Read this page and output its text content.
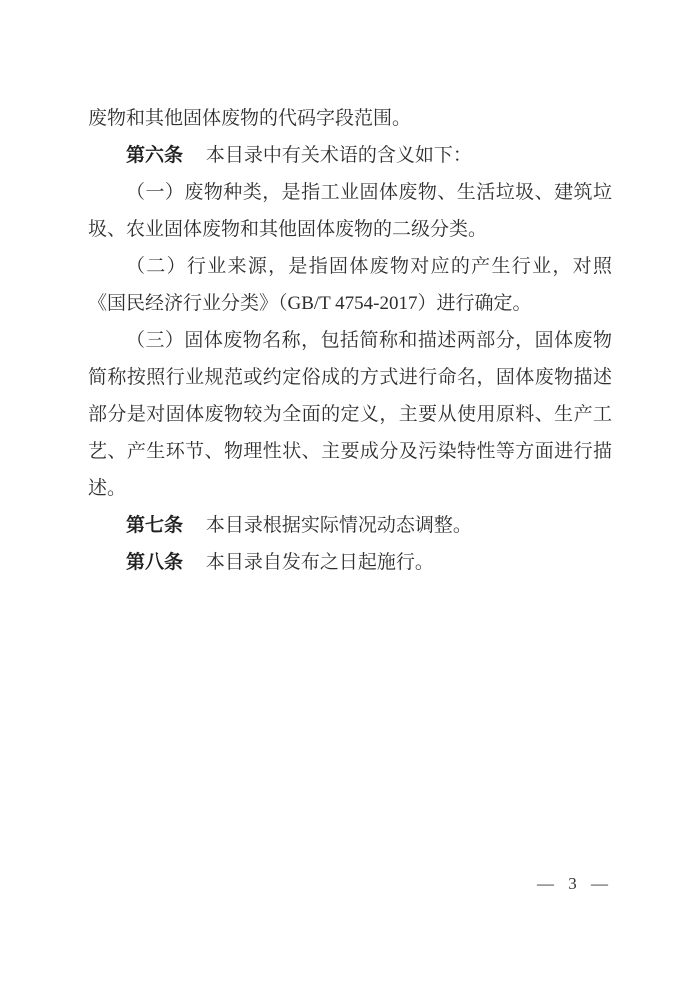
废物和其他固体废物的代码字段范围。

第六条 本目录中有关术语的含义如下：

（一）废物种类，是指工业固体废物、生活垃圾、建筑垃圾、农业固体废物和其他固体废物的二级分类。

（二）行业来源，是指固体废物对应的产生行业，对照《国民经济行业分类》（GB/T 4754-2017）进行确定。

（三）固体废物名称，包括简称和描述两部分，固体废物简称按照行业规范或约定俗成的方式进行命名，固体废物描述部分是对固体废物较为全面的定义，主要从使用原料、生产工艺、产生环节、物理性状、主要成分及污染特性等方面进行描述。

第七条 本目录根据实际情况动态调整。

第八条 本目录自发布之日起施行。

— 3 —
